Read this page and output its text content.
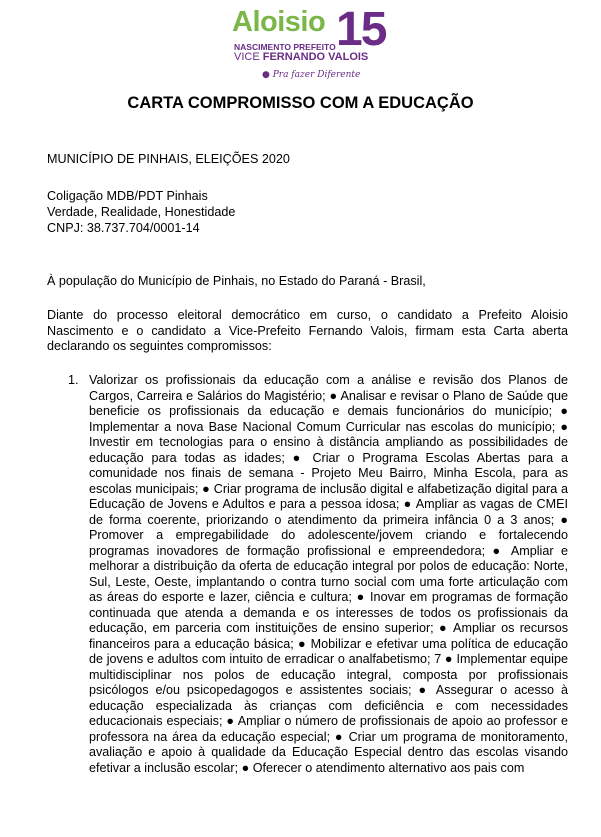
Aloisio 15
NASCIMENTO PREFEITO
VICE FERNANDO VALOIS
● Pra fazer Diferente
CARTA COMPROMISSO COM A EDUCAÇÃO

MUNICÍPIO DE PINHAIS, ELEIÇÕES 2020

Coligação MDB/PDT Pinhais

Verdade, Realidade, Honestidade

CNPJ: 38.737.704/0001-14

À população do Município de Pinhais, no Estado do Paraná - Brasil,

Diante do processo eleitoral democrático em curso, o candidato a Prefeito Aloisio Nascimento e o candidato a Vice-Prefeito Fernando Valois, firmam esta Carta aberta declarando os seguintes compromissos:

1. Valorizar os profissionais da educação com a análise e revisão dos Planos de Cargos, Carreira e Salários do Magistério; ● Analisar e revisar o Plano de Saúde que beneficie os profissionais da educação e demais funcionários do município; ● Implementar a nova Base Nacional Comum Curricular nas escolas do município; ● Investir em tecnologias para o ensino à distância ampliando as possibilidades de educação para todas as idades; ● Criar o Programa Escolas Abertas para a comunidade nos finais de semana - Projeto Meu Bairro, Minha Escola, para as escolas municipais; ● Criar programa de inclusão digital e alfabetização digital para a Educação de Jovens e Adultos e para a pessoa idosa; ● Ampliar as vagas de CMEI de forma coerente, priorizando o atendimento da primeira infância 0 a 3 anos; ● Promover a empregabilidade do adolescente/jovem criando e fortalecendo programas inovadores de formação profissional e empreendedora; ● Ampliar e melhorar a distribuição da oferta de educação integral por polos de educação: Norte, Sul, Leste, Oeste, implantando o contra turno social com uma forte articulação com as áreas do esporte e lazer, ciência e cultura; ● Inovar em programas de formação continuada que atenda a demanda e os interesses de todos os profissionais da educação, em parceria com instituições de ensino superior; ● Ampliar os recursos financeiros para a educação básica; ● Mobilizar e efetivar uma política de educação de jovens e adultos com intuito de erradicar o analfabetismo; 7 ● Implementar equipe multidisciplinar nos polos de educação integral, composta por profissionais psicólogos e/ou psicopedagogos e assistentes sociais; ● Assegurar o acesso à educação especializada às crianças com deficiência e com necessidades educacionais especiais; ● Ampliar o número de profissionais de apoio ao professor e professora na área da educação especial; ● Criar um programa de monitoramento, avaliação e apoio à qualidade da Educação Especial dentro das escolas visando efetivar a inclusão escolar; ● Oferecer o atendimento alternativo aos pais com
